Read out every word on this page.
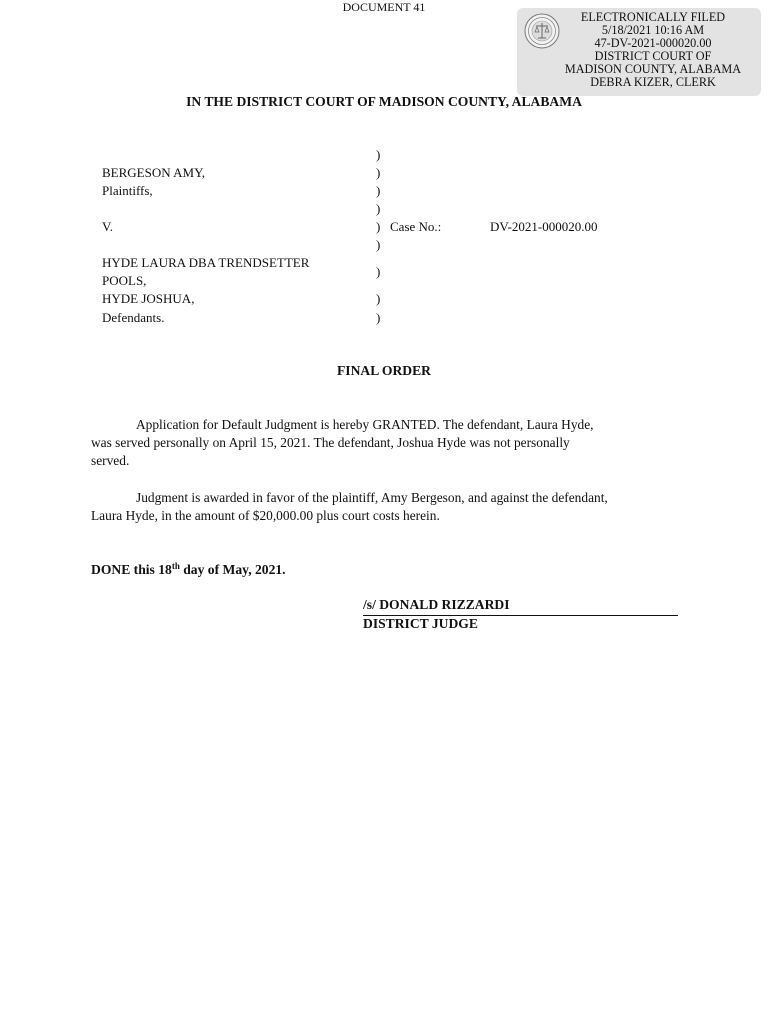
DOCUMENT 41
ELECTRONICALLY FILED
5/18/2021 10:16 AM
47-DV-2021-000020.00
DISTRICT COURT OF
MADISON COUNTY, ALABAMA
DEBRA KIZER, CLERK
IN THE DISTRICT COURT OF MADISON COUNTY, ALABAMA
)
)
)
)
)
)
)
)
)
BERGESON AMY,
Plaintiffs,
V.	Case No.:	DV-2021-000020.00
HYDE LAURA DBA TRENDSETTER
POOLS,
HYDE JOSHUA,
Defendants.
FINAL ORDER

Application for Default Judgment is hereby GRANTED. The defendant, Laura Hyde,

was served personally on April 15, 2021. The defendant, Joshua Hyde was not personally

served.

Judgment is awarded in favor of the plaintiff, Amy Bergeson, and against the defendant,

Laura Hyde, in the amount of $20,000.00 plus court costs herein.

DONE this 18th day of May, 2021.
/s/ DONALD RIZZARDI
DISTRICT JUDGE
